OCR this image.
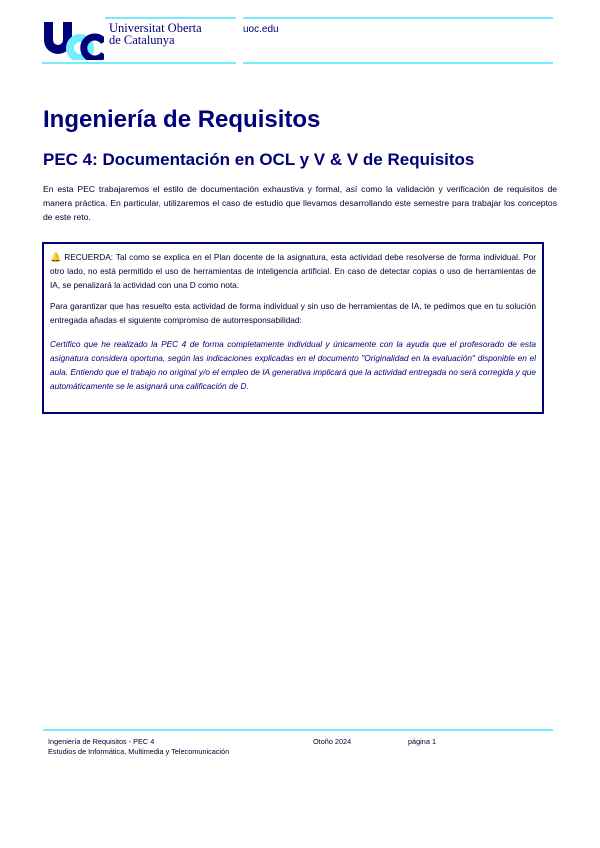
Universitat Oberta
de Catalunya
uoc.edu
Ingeniería de Requisitos
PEC 4: Documentación en OCL y V & V de Requisitos

En esta PEC trabajaremos el estilo de documentación exhaustiva y formal, así como la validación y verificación de requisitos de manera práctica. En particular, utilizaremos el caso de estudio que llevamos desarrollando este semestre para trabajar los conceptos de este reto.

🔔 RECUERDA: Tal como se explica en el Plan docente de la asignatura, esta actividad debe resolverse de forma individual. Por otro lado, no está permitido el uso de herramientas de inteligencia artificial. En caso de detectar copias o uso de herramientas de IA, se penalizará la actividad con una D como nota.

Para garantizar que has resuelto esta actividad de forma individual y sin uso de herramientas de IA, te pedimos que en tu solución entregada añadas el siguiente compromiso de autorresponsabilidad:

Certifico que he realizado la PEC 4 de forma completamente individual y únicamente con la ayuda que el profesorado de esta asignatura considera oportuna, según las indicaciones explicadas en el documento "Originalidad en la evaluación" disponible en el aula. Entiendo que el trabajo no original y/o el empleo de IA generativa implicará que la actividad entregada no será corregida y que automáticamente se le asignará una calificación de D.

Ingeniería de Requisitos - PEC 4
Estudios de Informática, Multimedia y Telecomunicación
Otoño 2024	página 1
